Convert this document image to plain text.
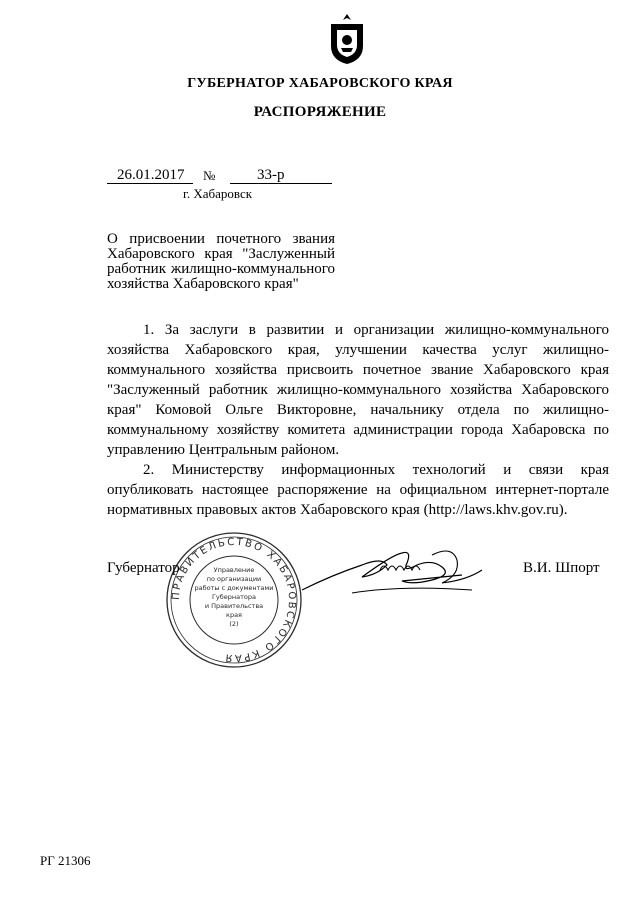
ГУБЕРНАТОР ХАБАРОВСКОГО КРАЯ
РАСПОРЯЖЕНИЕ
26.01.2017 №	33-р
г. Хабаровск
О присвоении почетного звания Хабаровского края "Заслуженный работник жилищно-коммунального хозяйства Хабаровского края"

1. За заслуги в развитии и организации жилищно-коммунального хозяйства Хабаровского края, улучшении качества услуг жилищно-коммунального хозяйства присвоить почетное звание Хабаровского края "Заслуженный работник жилищно-коммунального хозяйства Хабаровского края" Комовой Ольге Викторовне, начальнику отдела по жилищно-коммунальному хозяйству комитета администрации города Хабаровска по управлению Центральным районом.

2. Министерству информационных технологий и связи края опубликовать настоящее распоряжение на официальном интернет-портале нормативных правовых актов Хабаровского края (http://laws.khv.gov.ru).

ПРАВИТЕЛЬСТВО ХАБАРОВСКОГО КРАЯ
Управление
по организации
работы с документами
Губернатора
и Правительства
края
(2)
Губернатор	В.И. Шпорт
РГ 21306
